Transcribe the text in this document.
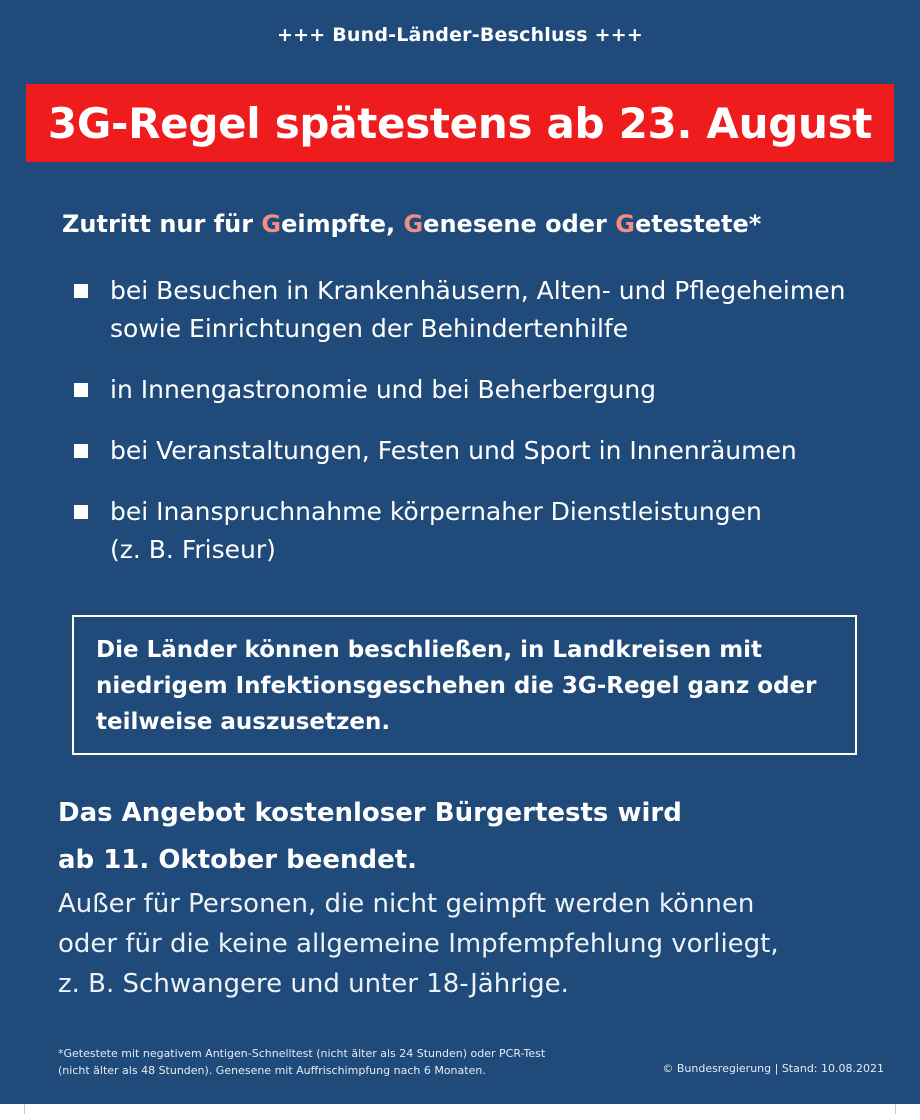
+++ Bund-Länder-Beschluss +++
3G-Regel spätestens ab 23. August
Zutritt nur für Geimpfte, Genesene oder Getestete*
bei Besuchen in Krankenhäusern, Alten- und Pflegeheimen
sowie Einrichtungen der Behindertenhilfe
in Innengastronomie und bei Beherbergung
bei Veranstaltungen, Festen und Sport in Innenräumen
bei Inanspruchnahme körpernaher Dienstleistungen
(z. B. Friseur)
Die Länder können beschließen, in Landkreisen mit
niedrigem Infektionsgeschehen die 3G-Regel ganz oder
teilweise auszusetzen.
Das Angebot kostenloser Bürgertests wird
ab 11. Oktober beendet.
Außer für Personen, die nicht geimpft werden können
oder für die keine allgemeine Impfempfehlung vorliegt,
z. B. Schwangere und unter 18-Jährige.
*Getestete mit negativem Antigen-Schnelltest (nicht älter als 24 Stunden) oder PCR-Test
(nicht älter als 48 Stunden). Genesene mit Auffrischimpfung nach 6 Monaten.	© Bundesregierung | Stand: 10.08.2021
